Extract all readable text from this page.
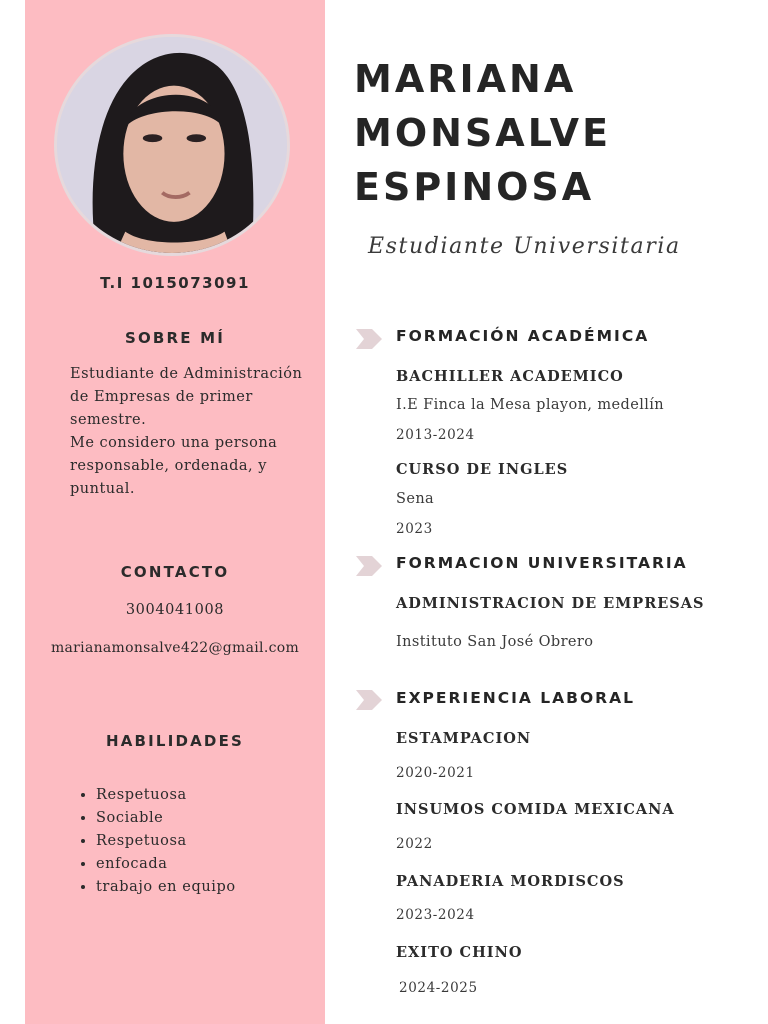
T.I 1015073091
SOBRE MÍ

Estudiante de Administración de Empresas de primer semestre.

Me considero una persona responsable, ordenada, y puntual.

CONTACTO
3004041008
marianamonsalve422@gmail.com
HABILIDADES
• Respetuosa
• Sociable
• Respetuosa
• enfocada
• trabajo en equipo
MARIANA
MONSALVE
ESPINOSA
Estudiante Universitaria
FORMACIÓN ACADÉMICA
BACHILLER ACADEMICO
I.E Finca la Mesa playon, medellín
2013-2024
CURSO DE INGLES
Sena
2023
FORMACION UNIVERSITARIA
ADMINISTRACION DE EMPRESAS
Instituto San José Obrero
EXPERIENCIA LABORAL
ESTAMPACION
2020-2021
INSUMOS COMIDA MEXICANA
2022
PANADERIA MORDISCOS
2023-2024
EXITO CHINO
2024-2025
